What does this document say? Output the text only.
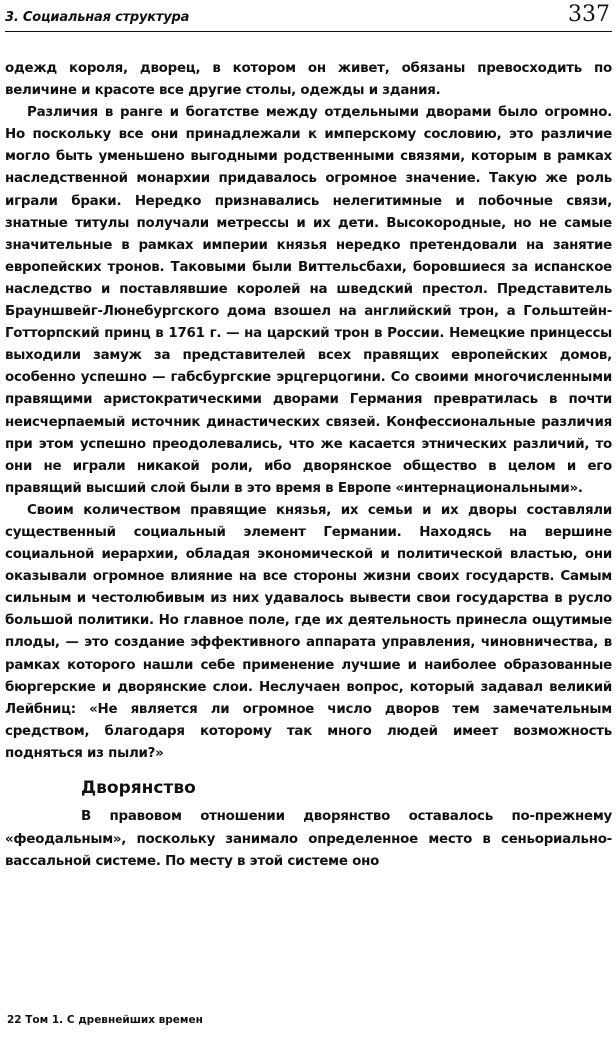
3. Социальная структура	337

одежд короля, дворец, в котором он живет, обязаны превосходить по величине и красоте все другие столы, одежды и здания.

Различия в ранге и богатстве между отдельными дворами было огромно. Но поскольку все они принадлежали к имперскому сословию, это различие могло быть уменьшено выгодными родственными связями, которым в рамках наследственной монархии придавалось огромное значение. Такую же роль играли браки. Нередко признавались нелегитимные и побочные связи, знатные титулы получали метрессы и их дети. Высокородные, но не самые значительные в рамках империи князья нередко претендовали на занятие европейских тронов. Таковыми были Виттельсбахи, боровшиеся за испанское наследство и поставлявшие королей на шведский престол. Представитель Брауншвейг-Люнебургского дома взошел на английский трон, а Гольштейн-Готторпский принц в 1761 г. — на царский трон в России. Немецкие принцессы выходили замуж за представителей всех правящих европейских домов, особенно успешно — габсбургские эрцгерцогини. Со своими многочисленными правящими аристократическими дворами Германия превратилась в почти неисчерпаемый источник династических связей. Конфессиональные различия при этом успешно преодолевались, что же касается этнических различий, то они не играли никакой роли, ибо дворянское общество в целом и его правящий высший слой были в это время в Европе «интернациональными».

Своим количеством правящие князья, их семьи и их дворы составляли существенный социальный элемент Германии. Находясь на вершине социальной иерархии, обладая экономической и политической властью, они оказывали огромное влияние на все стороны жизни своих государств. Самым сильным и честолюбивым из них удавалось вывести свои государства в русло большой политики. Но главное поле, где их деятельность принесла ощутимые плоды, — это создание эффективного аппарата управления, чиновничества, в рамках которого нашли себе применение лучшие и наиболее образованные бюргерские и дворянские слои. Неслучаен вопрос, который задавал великий Лейбниц: «Не является ли огромное число дворов тем замечательным средством, благодаря которому так много людей имеет возможность подняться из пыли?»

Дворянство

В правовом отношении дворянство оставалось по-прежнему «феодальным», поскольку занимало определенное место в сеньориально-вассальной системе. По месту в этой системе оно

22 Том 1. С древнейших времен
